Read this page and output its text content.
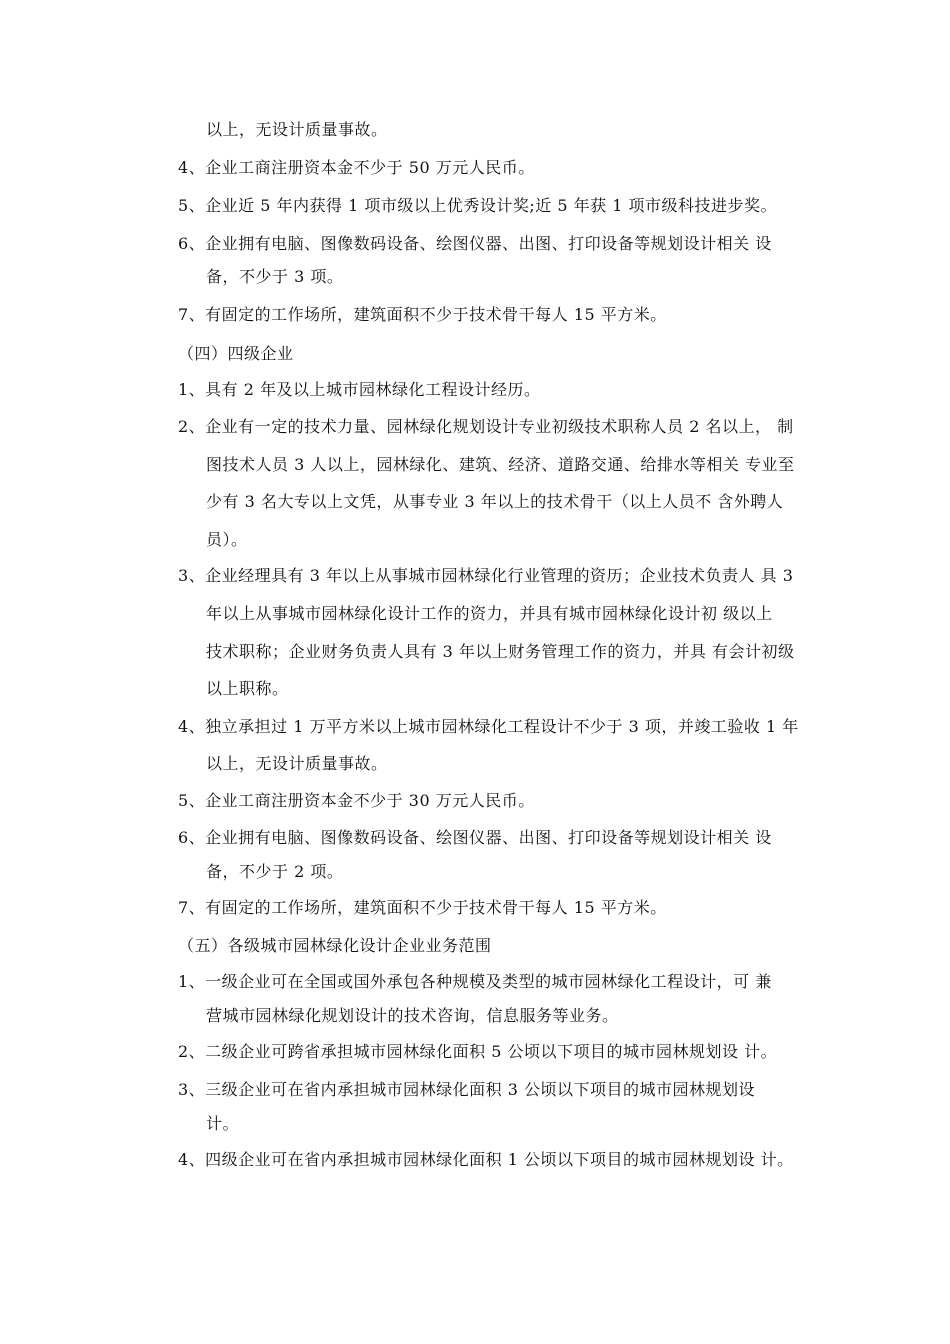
以上，无设计质量事故。
4、企业工商注册资本金不少于 50 万元人民币。
5、企业近 5 年内获得 1 项市级以上优秀设计奖;近 5 年获 1 项市级科技进步奖。
6、企业拥有电脑、图像数码设备、绘图仪器、出图、打印设备等规划设计相关 设
备，不少于 3 项。
7、有固定的工作场所，建筑面积不少于技术骨干每人 15 平方米。
（四）四级企业
1、具有 2 年及以上城市园林绿化工程设计经历。
2、企业有一定的技术力量、园林绿化规划设计专业初级技术职称人员 2 名以上， 制
图技术人员 3 人以上，园林绿化、建筑、经济、道路交通、给排水等相关 专业至
少有 3 名大专以上文凭，从事专业 3 年以上的技术骨干（以上人员不 含外聘人
员）。
3、企业经理具有 3 年以上从事城市园林绿化行业管理的资历；企业技术负责人 具 3
年以上从事城市园林绿化设计工作的资力，并具有城市园林绿化设计初 级以上
技术职称；企业财务负责人具有 3 年以上财务管理工作的资力，并具 有会计初级
以上职称。
4、独立承担过 1 万平方米以上城市园林绿化工程设计不少于 3 项，并竣工验收 1 年
以上，无设计质量事故。
5、企业工商注册资本金不少于 30 万元人民币。
6、企业拥有电脑、图像数码设备、绘图仪器、出图、打印设备等规划设计相关 设
备，不少于 2 项。
7、有固定的工作场所，建筑面积不少于技术骨干每人 15 平方米。
（五）各级城市园林绿化设计企业业务范围
1、一级企业可在全国或国外承包各种规模及类型的城市园林绿化工程设计，可 兼
营城市园林绿化规划设计的技术咨询，信息服务等业务。
2、二级企业可跨省承担城市园林绿化面积 5 公顷以下项目的城市园林规划设 计。
3、三级企业可在省内承担城市园林绿化面积 3 公顷以下项目的城市园林规划设
计。
4、四级企业可在省内承担城市园林绿化面积 1 公顷以下项目的城市园林规划设 计。
